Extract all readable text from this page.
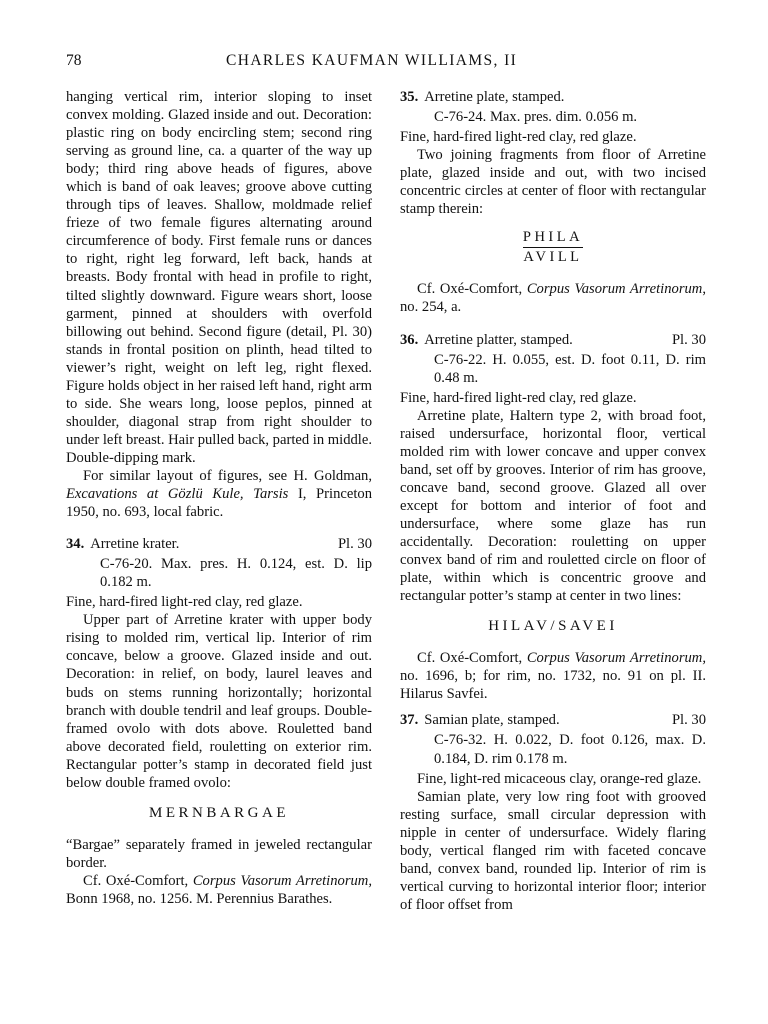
78	CHARLES KAUFMAN WILLIAMS, II

hanging vertical rim, interior sloping to inset convex molding. Glazed inside and out. Decoration: plastic ring on body encircling stem; second ring serving as ground line, ca. a quarter of the way up body; third ring above heads of figures, above which is band of oak leaves; groove above cutting through tips of leaves. Shallow, moldmade relief frieze of two female figures alternating around circumference of body. First female runs or dances to right, right leg forward, left back, hands at breasts. Body frontal with head in profile to right, tilted slightly downward. Figure wears short, loose garment, pinned at shoulders with overfold billowing out behind. Second figure (detail, Pl. 30) stands in frontal position on plinth, head tilted to viewer’s right, weight on left leg, right flexed. Figure holds object in her raised left hand, right arm to side. She wears long, loose peplos, pinned at shoulder, diagonal strap from right shoulder to under left breast. Hair pulled back, parted in middle. Double-dipping mark.

For similar layout of figures, see H. Goldman, Excavations at Gözlü Kule, Tarsis I, Princeton 1950, no. 693, local fabric.

34. Arretine krater.	Pl. 30

C-76-20. Max. pres. H. 0.124, est. D. lip 0.182 m.

Fine, hard-fired light-red clay, red glaze.

Upper part of Arretine krater with upper body rising to molded rim, vertical lip. Interior of rim concave, below a groove. Glazed inside and out. Decoration: in relief, on body, laurel leaves and buds on stems running horizontally; horizontal branch with double tendril and leaf groups. Double-framed ovolo with dots above. Rouletted band above decorated field, rouletting on exterior rim. Rectangular potter’s stamp in decorated field just below double framed ovolo:

MERNBARGAE

“Bargae” separately framed in jeweled rectangular border.

Cf. Oxé-Comfort, Corpus Vasorum Arretinorum, Bonn 1968, no. 1256. M. Perennius Barathes.

35. Arretine plate, stamped.

C-76-24. Max. pres. dim. 0.056 m.

Fine, hard-fired light-red clay, red glaze.

Two joining fragments from floor of Arretine plate, glazed inside and out, with two incised concentric circles at center of floor with rectangular stamp therein:

PHILA
AVILL

Cf. Oxé-Comfort, Corpus Vasorum Arretinorum, no. 254, a.

36. Arretine platter, stamped.	Pl. 30

C-76-22. H. 0.055, est. D. foot 0.11, D. rim 0.48 m.

Fine, hard-fired light-red clay, red glaze.

Arretine plate, Haltern type 2, with broad foot, raised undersurface, horizontal floor, vertical molded rim with lower concave and upper convex band, set off by grooves. Interior of rim has groove, concave band, second groove. Glazed all over except for bottom and interior of foot and undersurface, where some glaze has run accidentally. Decoration: rouletting on upper convex band of rim and rouletted circle on floor of plate, within which is concentric groove and rectangular potter’s stamp at center in two lines:

HILAV/SAVEI

Cf. Oxé-Comfort, Corpus Vasorum Arretinorum, no. 1696, b; for rim, no. 1732, no. 91 on pl. II. Hilarus Savfei.

37. Samian plate, stamped.	Pl. 30

C-76-32. H. 0.022, D. foot 0.126, max. D. 0.184, D. rim 0.178 m.

Fine, light-red micaceous clay, orange-red glaze.

Samian plate, very low ring foot with grooved resting surface, small circular depression with nipple in center of undersurface. Widely flaring body, vertical flanged rim with faceted concave band, convex band, rounded lip. Interior of rim is vertical curving to horizontal interior floor; interior of floor offset from
